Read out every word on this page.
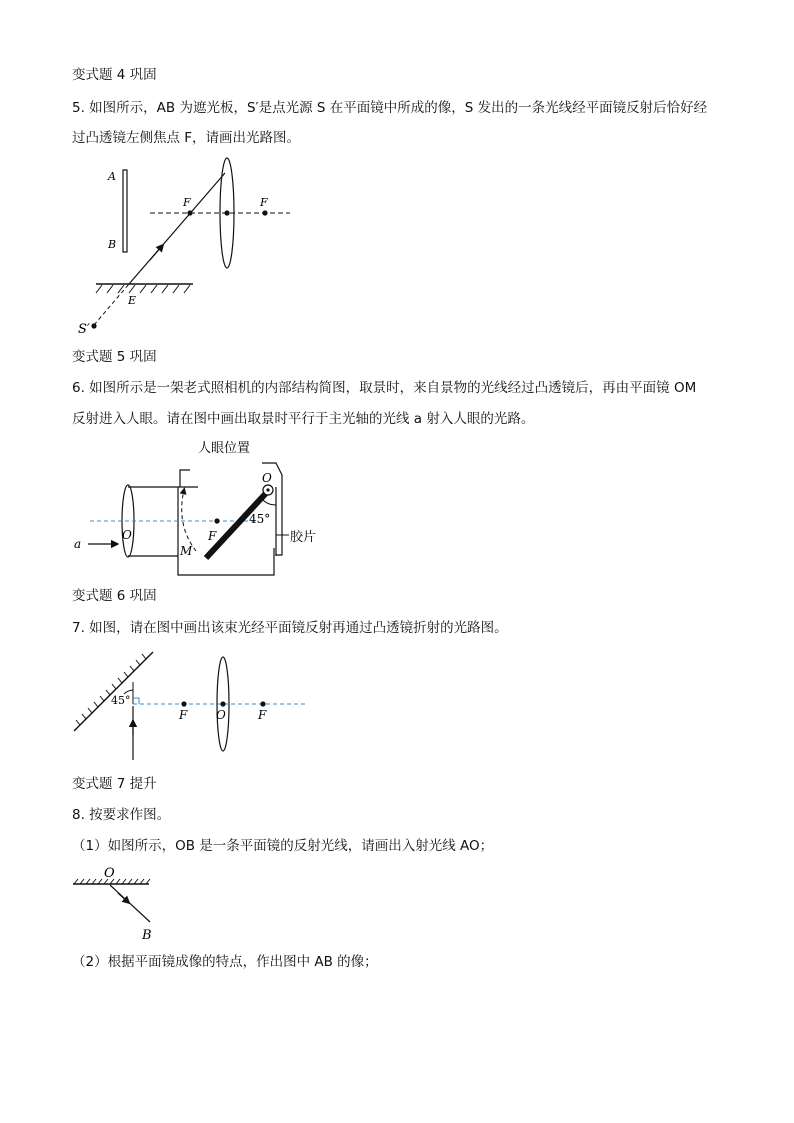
变式题 4 巩固
5. 如图所示，AB 为遮光板，S′是点光源 S 在平面镜中所成的像，S 发出的一条光线经平面镜反射后恰好经
过凸透镜左侧焦点 F，请画出光路图。
A
B
F	F
E
S′
变式题 5 巩固
6. 如图所示是一架老式照相机的内部结构简图，取景时，来自景物的光线经过凸透镜后，再由平面镜 OM
反射进入人眼。请在图中画出取景时平行于主光轴的光线 a 射入人眼的光路。
人眼位置
胶片
F
O
O
M
45°
a
变式题 6 巩固
7. 如图，请在图中画出该束光经平面镜反射再通过凸透镜折射的光路图。
45°
F O	F
变式题 7 提升
8. 按要求作图。
（1）如图所示，OB 是一条平面镜的反射光线，请画出入射光线 AO；
O
B
（2）根据平面镜成像的特点，作出图中 AB 的像；
